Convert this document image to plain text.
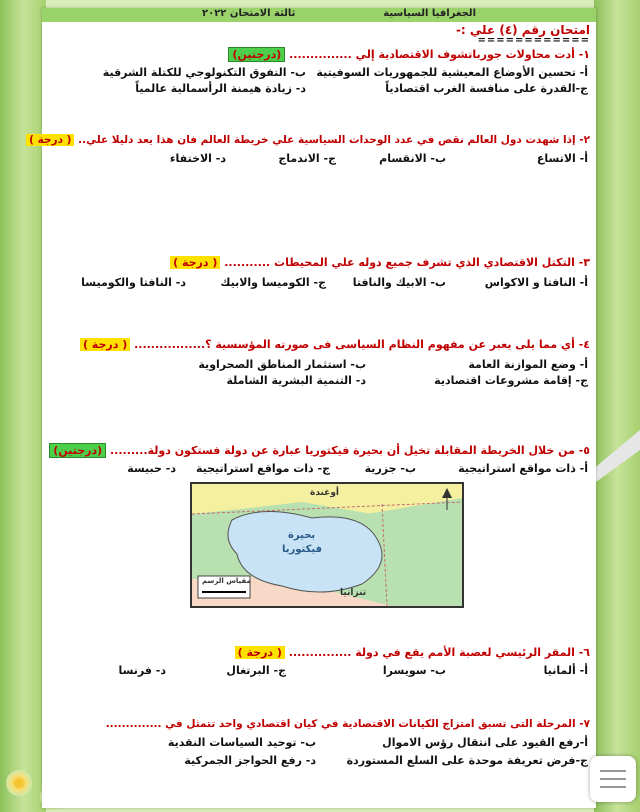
الجغرافيا السياسية
ثالثة الامتحان ٢٠٢٢
امتحان رقم (٤) علي :-
============
١- أدت محاولات جورباتشوف الاقتصادية إلي ............... (درجتين)
أ- تحسين الأوضاع المعيشية للجمهوريات السوفيتية
ب- التفوق التكنولوجي للكتلة الشرقية
ج-القدرة على منافسة الغرب اقتصادياً
د- زيادة هيمنة الرأسمالية عالمياً
٢- إذا شهدت دول العالم نقص في عدد الوحدات السياسية علي خريطة العالم فان هذا يعد دليلا علي.. ( درجة )
أ- الاتساع
ب- الانقسام
ج- الاندماج
د- الاختفاء
٣- التكتل الاقتصادي الذي تشرف جميع دوله علي المحيطات ........... ( درجة )
أ- النافتا و الاكواس
ب- الابيك والنافتا
ج- الكوميسا والابيك
د- النافتا والكوميسا
٤- أي مما يلى يعبر عن مفهوم النظام السياسى فى صورته المؤسسية ؟................. ( درجة )
أ- وضع الموازنة العامة
ب- استثمار المناطق الصحراوية
ج- إقامة مشروعات اقتصادية
د- التنمية البشرية الشاملة
٥- من خلال الخريطة المقابلة تخيل أن بحيرة فيكتوريا عبارة عن دولة فستكون دولة......... (درجتين)
أ- ذات مواقع استراتيجية
ب- جزرية
ج- ذات مواقع استراتيجية
د- حبيسة
أوغندة
بحيرة
فيكتوريا
تنزانيا
مقياس الرسم
٦- المقر الرئيسي لعصبة الأمم يقع في دولة ............... ( درجة )
أ- ألمانيا
ب- سويسرا
ج- البرتغال
د- فرنسا
٧- المرحلة التى تسبق امتزاج الكيانات الاقتصادية في كيان اقتصادي واحد تتمثل في ..............
أ-رفع القيود على انتقال رؤس الاموال
ب- توحيد السياسات النقدية
ج-فرض تعريفة موحدة على السلع المستوردة
د- رفع الحواجز الجمركية
